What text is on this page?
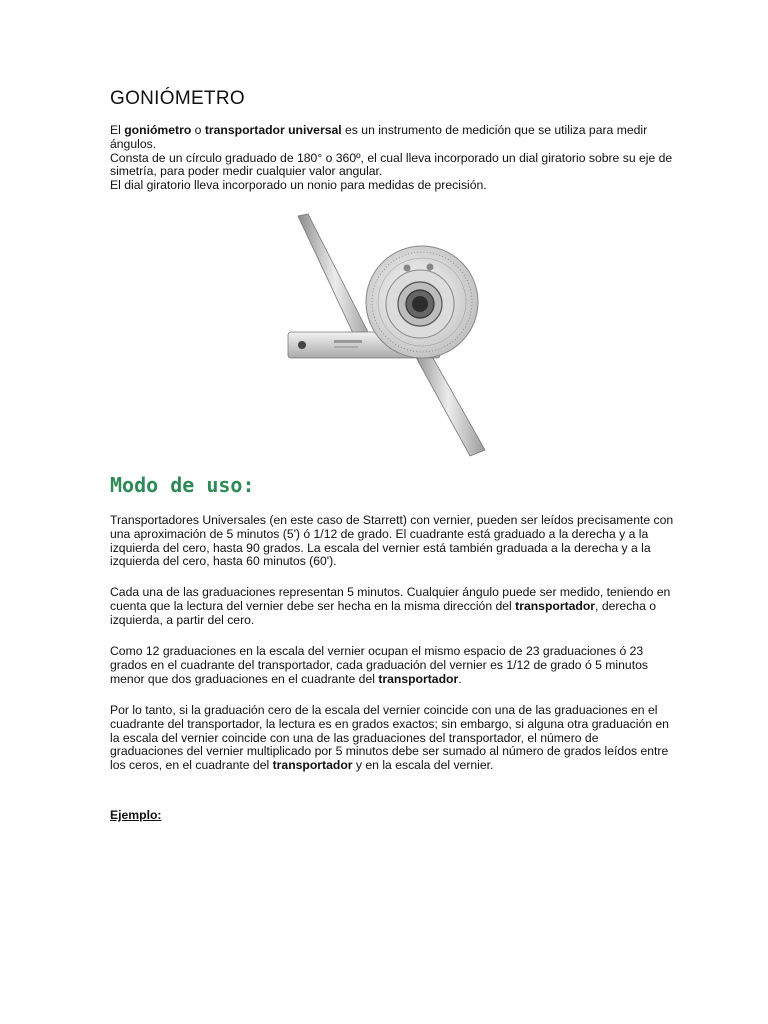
GONIÓMETRO

El goniómetro o transportador universal es un instrumento de medición que se utiliza para medir ángulos.
Consta de un círculo graduado de 180° o 360º, el cual lleva incorporado un dial giratorio sobre su eje de simetría, para poder medir cualquier valor angular.
El dial giratorio lleva incorporado un nonio para medidas de precisión.

Modo de uso:

Transportadores Universales (en este caso de Starrett) con vernier, pueden ser leídos precisamente con una aproximación de 5 minutos (5') ó 1/12 de grado. El cuadrante está graduado a la derecha y a la izquierda del cero, hasta 90 grados. La escala del vernier está también graduada a la derecha y a la izquierda del cero, hasta 60 minutos (60').

Cada una de las graduaciones representan 5 minutos. Cualquier ángulo puede ser medido, teniendo en cuenta que la lectura del vernier debe ser hecha en la misma dirección del transportador, derecha o izquierda, a partir del cero.

Como 12 graduaciones en la escala del vernier ocupan el mismo espacio de 23 graduaciones ó 23 grados en el cuadrante del transportador, cada graduación del vernier es 1/12 de grado ó 5 minutos menor que dos graduaciones en el cuadrante del transportador.

Por lo tanto, si la graduación cero de la escala del vernier coincide con una de las graduaciones en el cuadrante del transportador, la lectura es en grados exactos; sin embargo, si alguna otra graduación en la escala del vernier coincide con una de las graduaciones del transportador, el número de graduaciones del vernier multiplicado por 5 minutos debe ser sumado al número de grados leídos entre los ceros, en el cuadrante del transportador y en la escala del vernier.

Ejemplo:
